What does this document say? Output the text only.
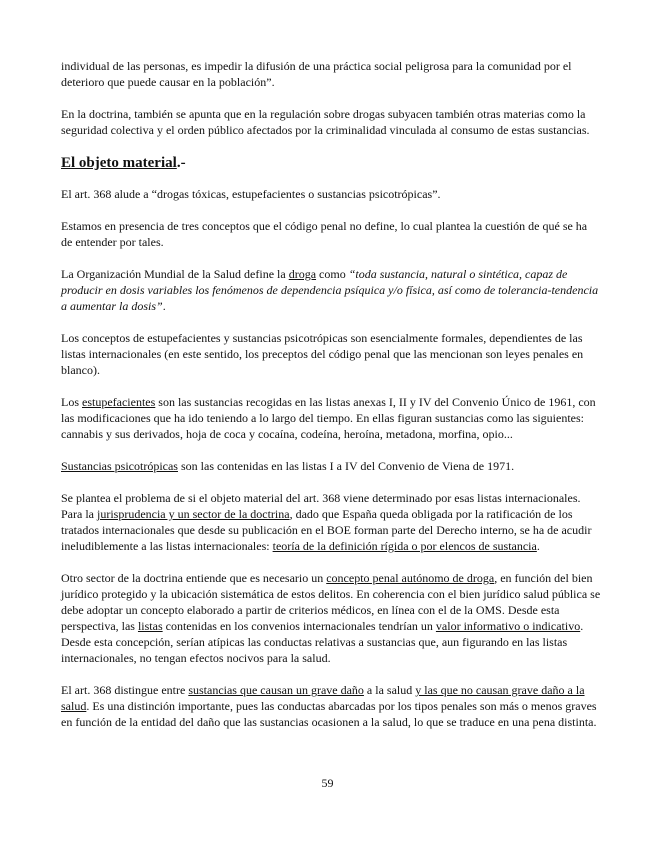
individual de las personas, es impedir la difusión de una práctica social peligrosa para la comunidad por el deterioro que puede causar en la población”.

En la doctrina, también se apunta que en la regulación sobre drogas subyacen también otras materias como la seguridad colectiva y el orden público afectados por la criminalidad vinculada al consumo de estas sustancias.

El objeto material.-

El art. 368 alude a “drogas tóxicas, estupefacientes o sustancias psicotrópicas”.

Estamos en presencia de tres conceptos que el código penal no define, lo cual plantea la cuestión de qué se ha de entender por tales.

La Organización Mundial de la Salud define la droga como “toda sustancia, natural o sintética, capaz de producir en dosis variables los fenómenos de dependencia psíquica y/o física, así como de tolerancia-tendencia a aumentar la dosis”.

Los conceptos de estupefacientes y sustancias psicotrópicas son esencialmente formales, dependientes de las listas internacionales (en este sentido, los preceptos del código penal que las mencionan son leyes penales en blanco).

Los estupefacientes son las sustancias recogidas en las listas anexas I, II y IV del Convenio Único de 1961, con las modificaciones que ha ido teniendo a lo largo del tiempo. En ellas figuran sustancias como las siguientes: cannabis y sus derivados, hoja de coca y cocaína, codeína, heroína, metadona, morfina, opio...

Sustancias psicotrópicas son las contenidas en las listas I a IV del Convenio de Viena de 1971.

Se plantea el problema de si el objeto material del art. 368 viene determinado por esas listas internacionales. Para la jurisprudencia y un sector de la doctrina, dado que España queda obligada por la ratificación de los tratados internacionales que desde su publicación en el BOE forman parte del Derecho interno, se ha de acudir ineludiblemente a las listas internacionales: teoría de la definición rígida o por elencos de sustancia.

Otro sector de la doctrina entiende que es necesario un concepto penal autónomo de droga, en función del bien jurídico protegido y la ubicación sistemática de estos delitos. En coherencia con el bien jurídico salud pública se debe adoptar un concepto elaborado a partir de criterios médicos, en línea con el de la OMS. Desde esta perspectiva, las listas contenidas en los convenios internacionales tendrían un valor informativo o indicativo. Desde esta concepción, serían atípicas las conductas relativas a sustancias que, aun figurando en las listas internacionales, no tengan efectos nocivos para la salud.

El art. 368 distingue entre sustancias que causan un grave daño a la salud y las que no causan grave daño a la salud. Es una distinción importante, pues las conductas abarcadas por los tipos penales son más o menos graves en función de la entidad del daño que las sustancias ocasionen a la salud, lo que se traduce en una pena distinta.

59
